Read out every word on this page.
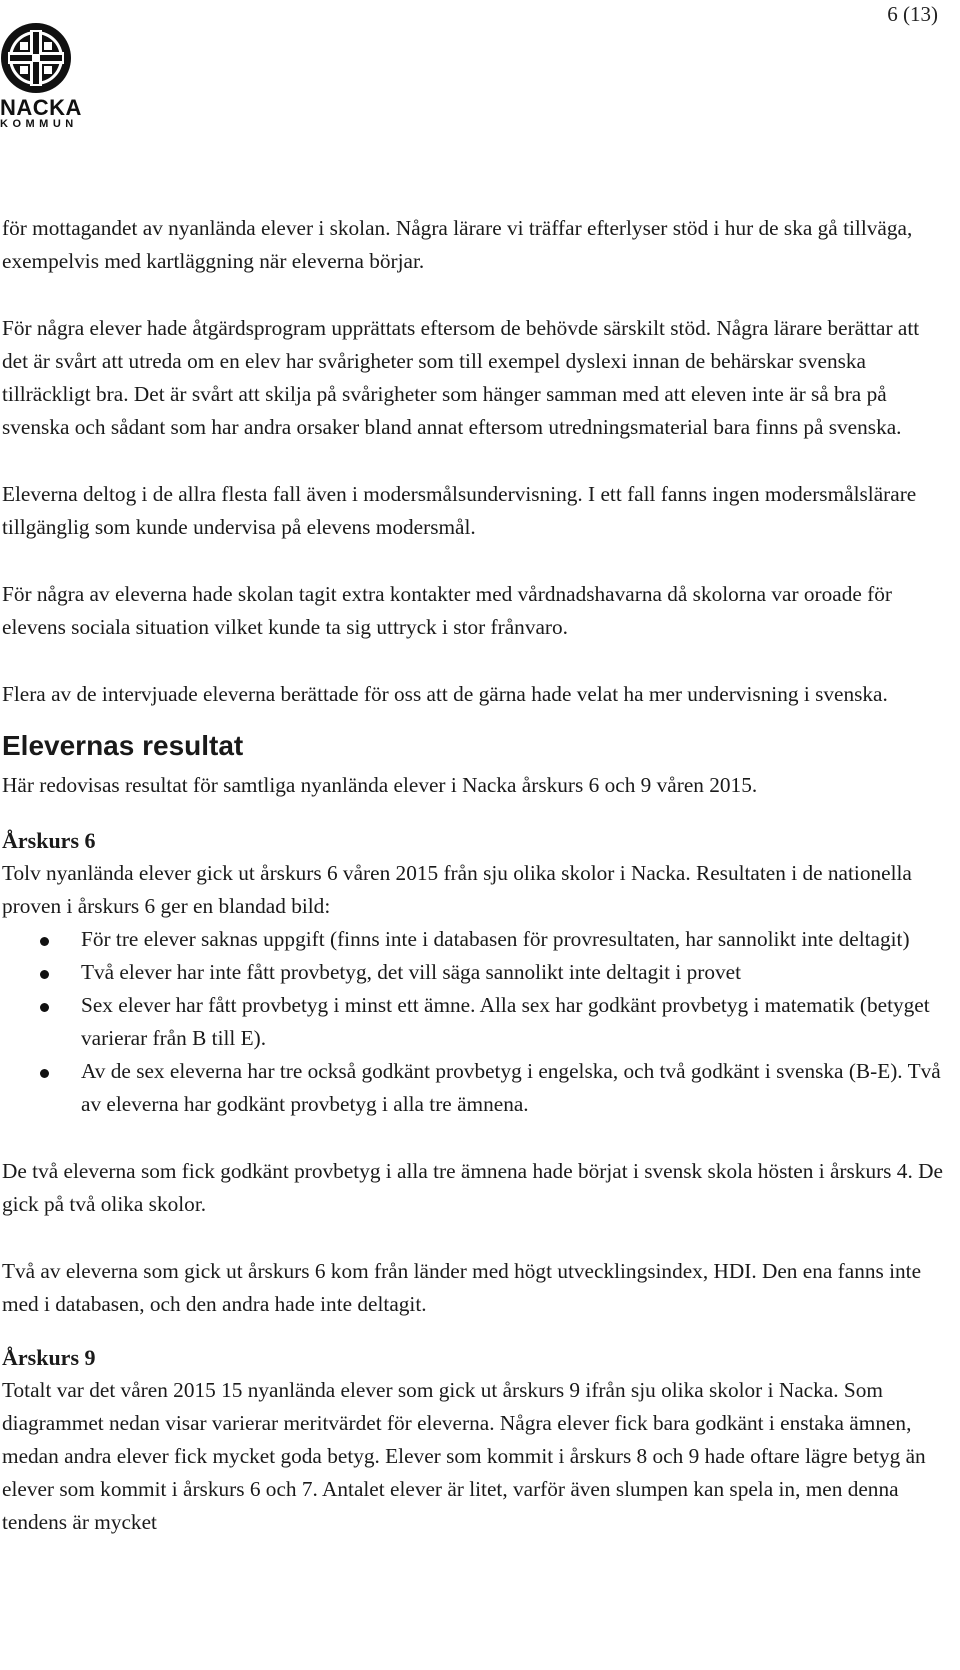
6 (13)
NACKA
KOMMUN

för mottagandet av nyanlända elever i skolan. Några lärare vi träffar efterlyser stöd i hur de ska gå tillväga, exempelvis med kartläggning när eleverna börjar.

För några elever hade åtgärdsprogram upprättats eftersom de behövde särskilt stöd. Några lärare berättar att det är svårt att utreda om en elev har svårigheter som till exempel dyslexi innan de behärskar svenska tillräckligt bra. Det är svårt att skilja på svårigheter som hänger samman med att eleven inte är så bra på svenska och sådant som har andra orsaker bland annat eftersom utredningsmaterial bara finns på svenska.

Eleverna deltog i de allra flesta fall även i modersmålsundervisning. I ett fall fanns ingen modersmålslärare tillgänglig som kunde undervisa på elevens modersmål.

För några av eleverna hade skolan tagit extra kontakter med vårdnadshavarna då skolorna var oroade för elevens sociala situation vilket kunde ta sig uttryck i stor frånvaro.

Flera av de intervjuade eleverna berättade för oss att de gärna hade velat ha mer undervisning i svenska.

Elevernas resultat

Här redovisas resultat för samtliga nyanlända elever i Nacka årskurs 6 och 9 våren 2015.

Årskurs 6

Tolv nyanlända elever gick ut årskurs 6 våren 2015 från sju olika skolor i Nacka. Resultaten i de nationella proven i årskurs 6 ger en blandad bild:

För tre elever saknas uppgift (finns inte i databasen för provresultaten, har sannolikt inte deltagit)
Två elever har inte fått provbetyg, det vill säga sannolikt inte deltagit i provet
Sex elever har fått provbetyg i minst ett ämne. Alla sex har godkänt provbetyg i matematik (betyget varierar från B till E).
Av de sex eleverna har tre också godkänt provbetyg i engelska, och två godkänt i svenska (B-E). Två av eleverna har godkänt provbetyg i alla tre ämnena.

De två eleverna som fick godkänt provbetyg i alla tre ämnena hade börjat i svensk skola hösten i årskurs 4. De gick på två olika skolor.

Två av eleverna som gick ut årskurs 6 kom från länder med högt utvecklingsindex, HDI. Den ena fanns inte med i databasen, och den andra hade inte deltagit.

Årskurs 9

Totalt var det våren 2015 15 nyanlända elever som gick ut årskurs 9 ifrån sju olika skolor i Nacka. Som diagrammet nedan visar varierar meritvärdet för eleverna. Några elever fick bara godkänt i enstaka ämnen, medan andra elever fick mycket goda betyg. Elever som kommit i årskurs 8 och 9 hade oftare lägre betyg än elever som kommit i årskurs 6 och 7. Antalet elever är litet, varför även slumpen kan spela in, men denna tendens är mycket
